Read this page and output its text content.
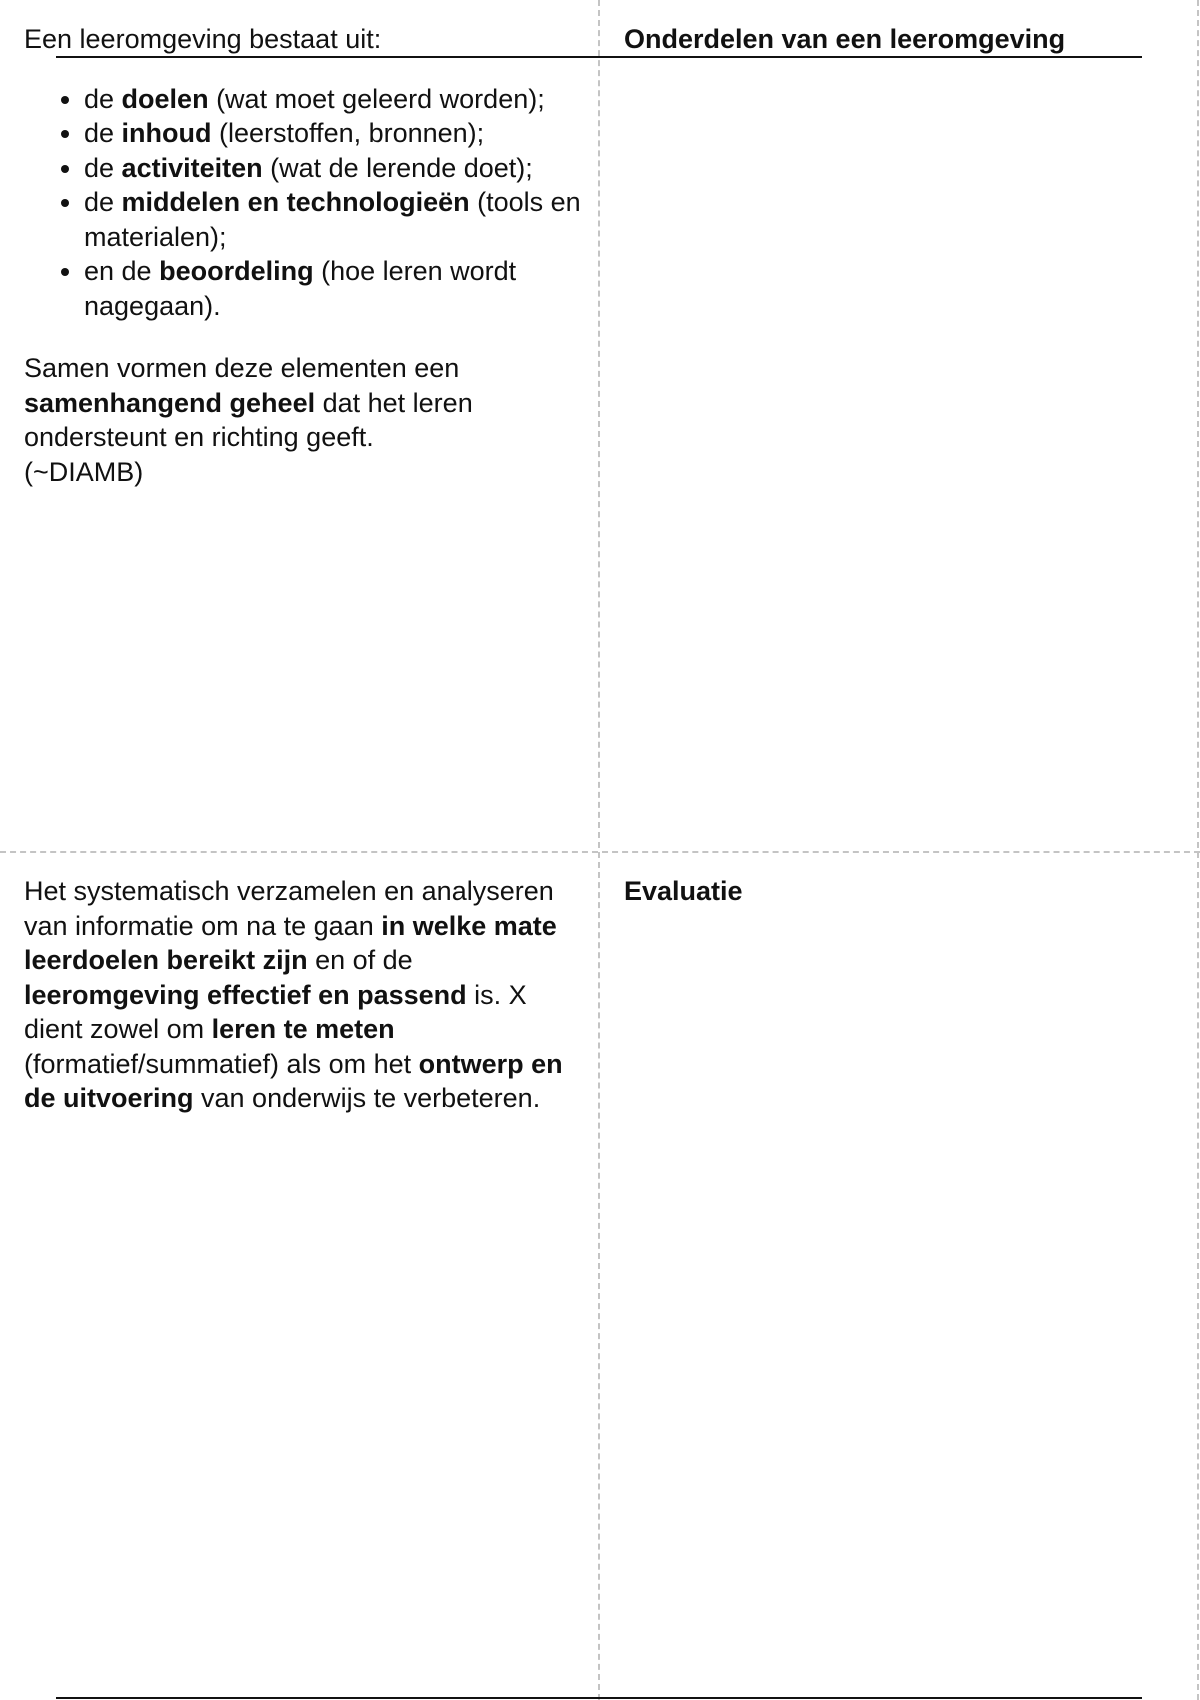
Een leeromgeving bestaat uit:

• de doelen (wat moet geleerd worden);
• de inhoud (leerstoffen, bronnen);
• de activiteiten (wat de lerende doet);
• de middelen en technologieën (tools en materialen);
• en de beoordeling (hoe leren wordt nagegaan).

Samen vormen deze elementen een samenhangend geheel dat het leren ondersteunt en richting geeft.

(~DIAMB)

Onderdelen van een leeromgeving

Het systematisch verzamelen en analyseren van informatie om na te gaan in welke mate leerdoelen bereikt zijn en of de leeromgeving effectief en passend is. X dient zowel om leren te meten (formatief/summatief) als om het ontwerp en de uitvoering van onderwijs te verbeteren.

Evaluatie
